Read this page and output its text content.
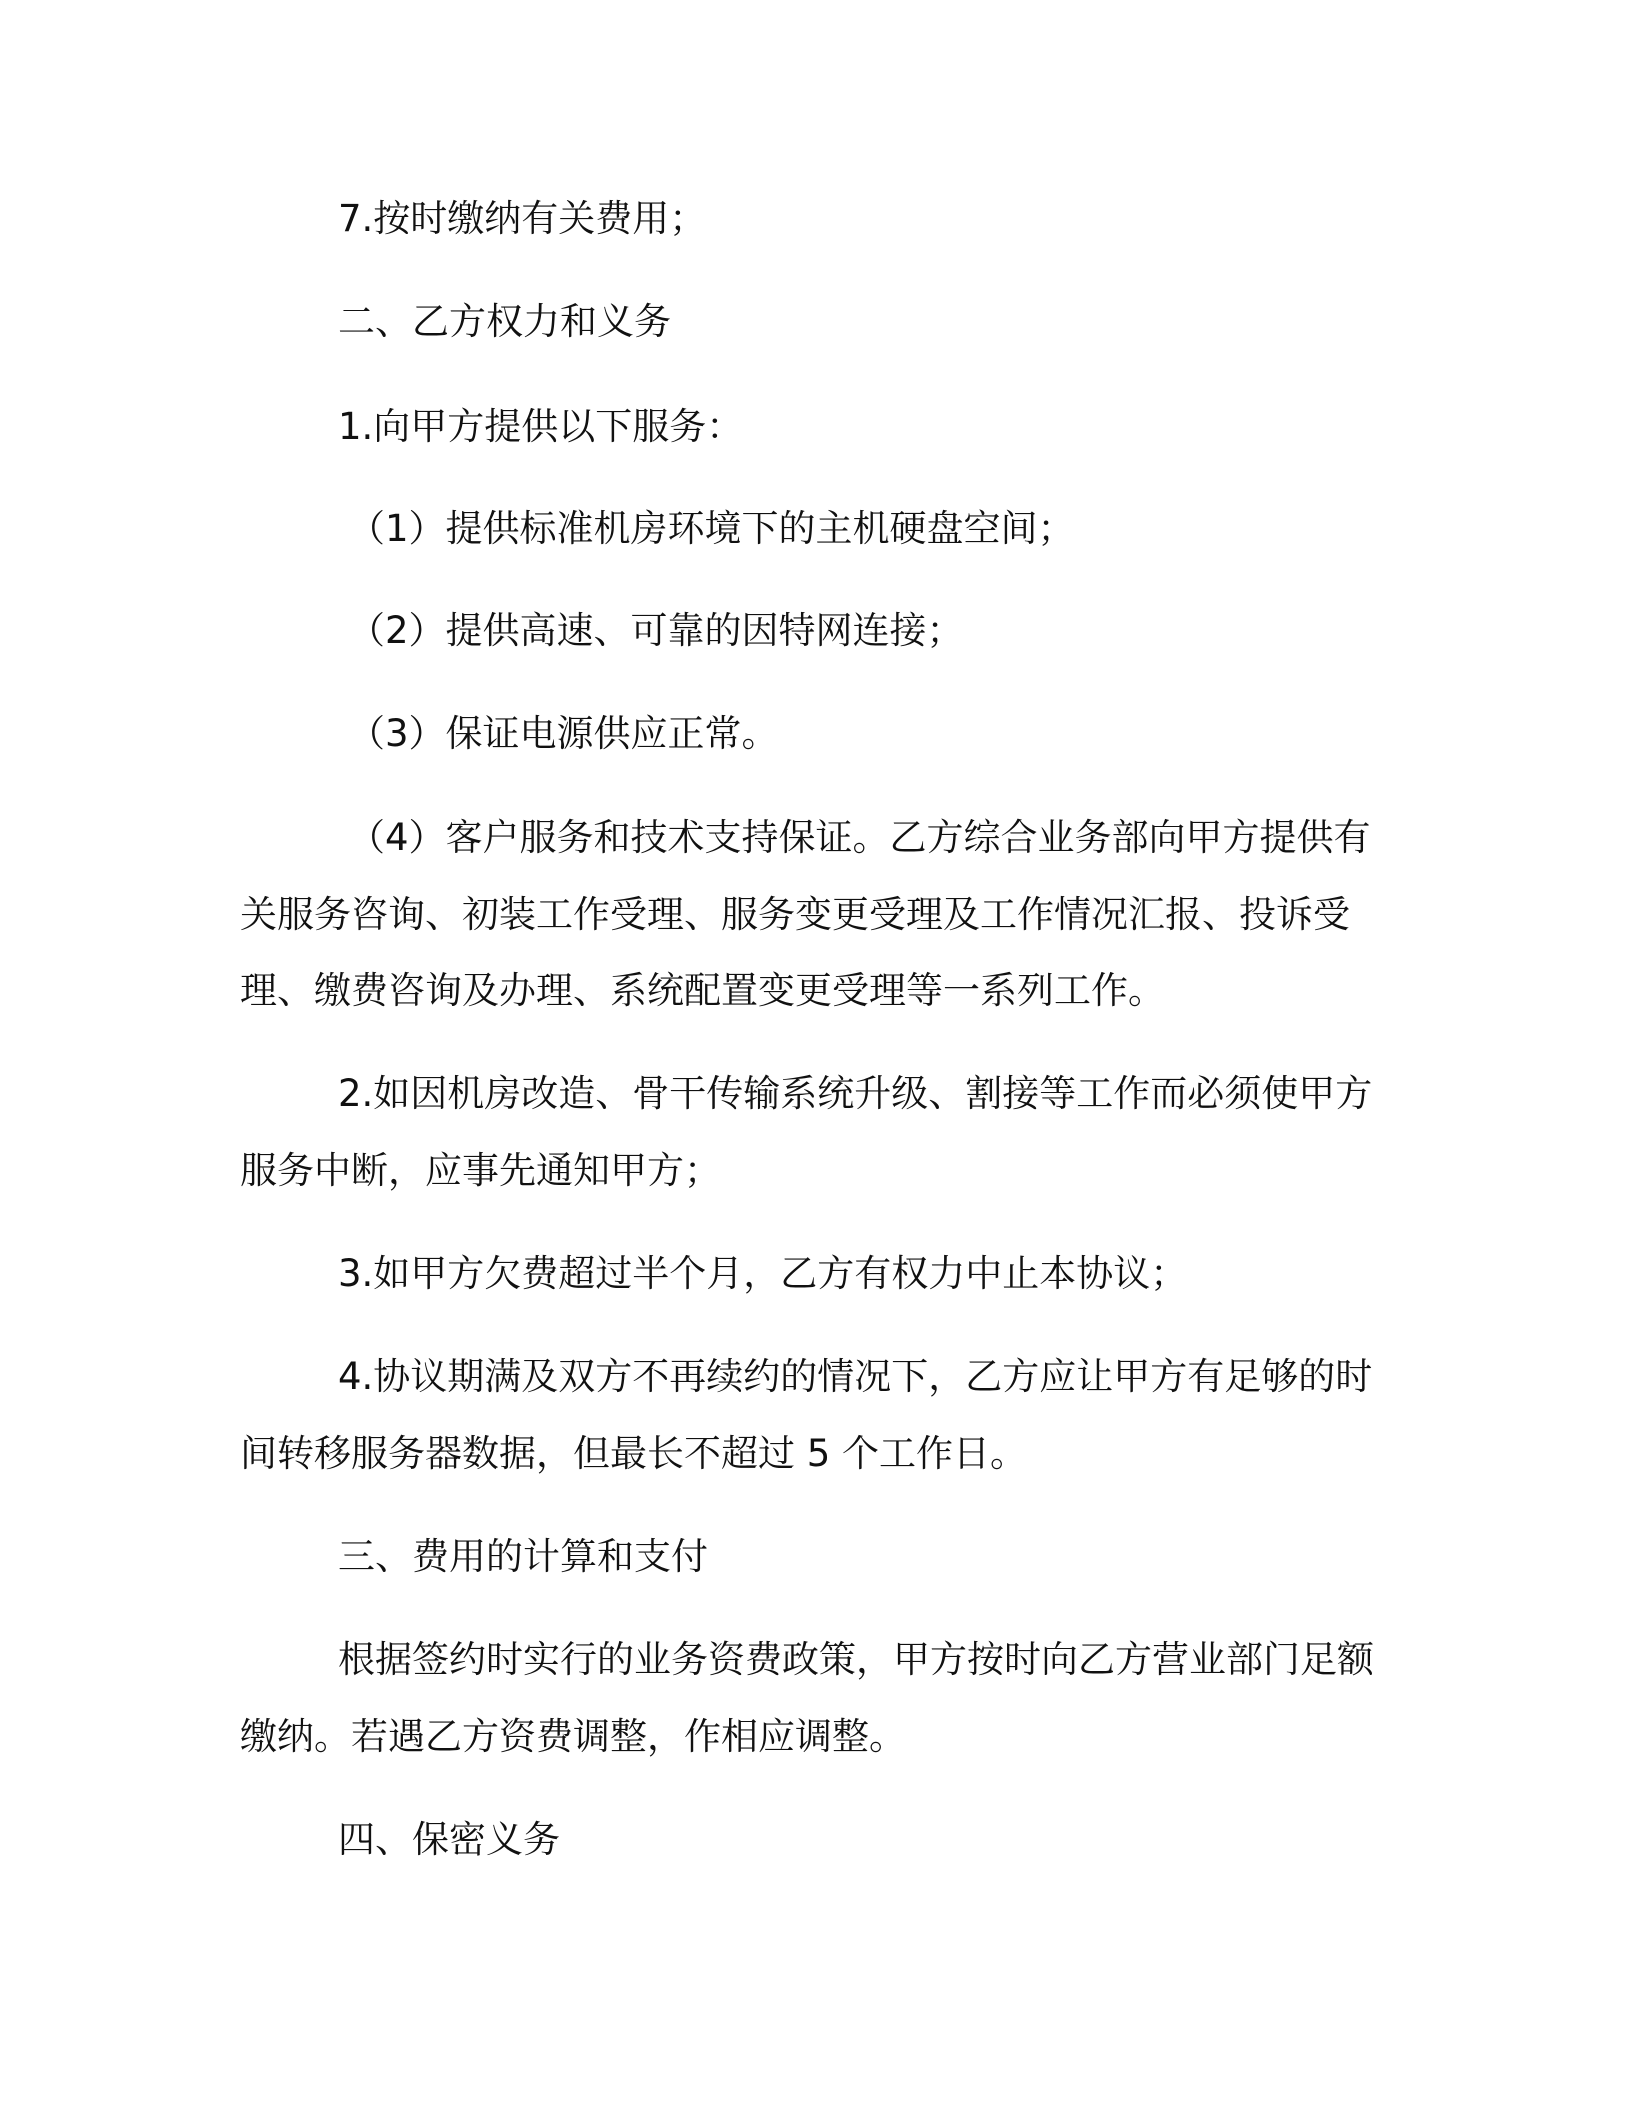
7.按时缴纳有关费用；
二、乙方权力和义务
1.向甲方提供以下服务：
（1）提供标准机房环境下的主机硬盘空间；
（2）提供高速、可靠的因特网连接；
（3）保证电源供应正常。
（4）客户服务和技术支持保证。乙方综合业务部向甲方提供有
关服务咨询、初装工作受理、服务变更受理及工作情况汇报、投诉受
理、缴费咨询及办理、系统配置变更受理等一系列工作。
2.如因机房改造、骨干传输系统升级、割接等工作而必须使甲方
服务中断，应事先通知甲方；
3.如甲方欠费超过半个月，乙方有权力中止本协议；
4.协议期满及双方不再续约的情况下，乙方应让甲方有足够的时
间转移服务器数据，但最长不超过 5 个工作日。
三、费用的计算和支付
根据签约时实行的业务资费政策，甲方按时向乙方营业部门足额
缴纳。若遇乙方资费调整，作相应调整。
四、保密义务
